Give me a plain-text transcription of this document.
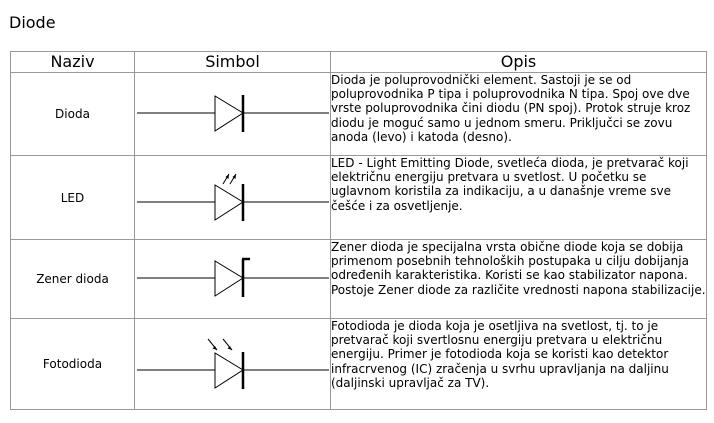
Diode
Naziv	Simbol	Opis
Dioda		Dioda je poluprovodnički element. Sastoji je se od poluprovodnika P tipa i poluprovodnika N tipa. Spoj ove dve vrste poluprovodnika čini diodu (PN spoj). Protok struje kroz diodu je moguć samo u jednom smeru. Priključci se zovu anoda (levo) i katoda (desno).
LED		LED - Light Emitting Diode, svetleća dioda, je pretvarač koji električnu energiju pretvara u svetlost. U početku se uglavnom koristila za indikaciju, a u današnje vreme sve češće i za osvetljenje.
Zener dioda		Zener dioda je specijalna vrsta obične diode koja se dobija primenom posebnih tehnoloških postupaka u cilju dobijanja određenih karakteristika. Koristi se kao stabilizator napona. Postoje Zener diode za različite vrednosti napona stabilizacije.
Fotodioda		Fotodioda je dioda koja je osetljiva na svetlost, tj. to je pretvarač koji svertlosnu energiju pretvara u električnu energiju. Primer je fotodioda koja se koristi kao detektor infracrvenog (IC) zračenja u svrhu upravljanja na daljinu (daljinski upravljač za TV).
